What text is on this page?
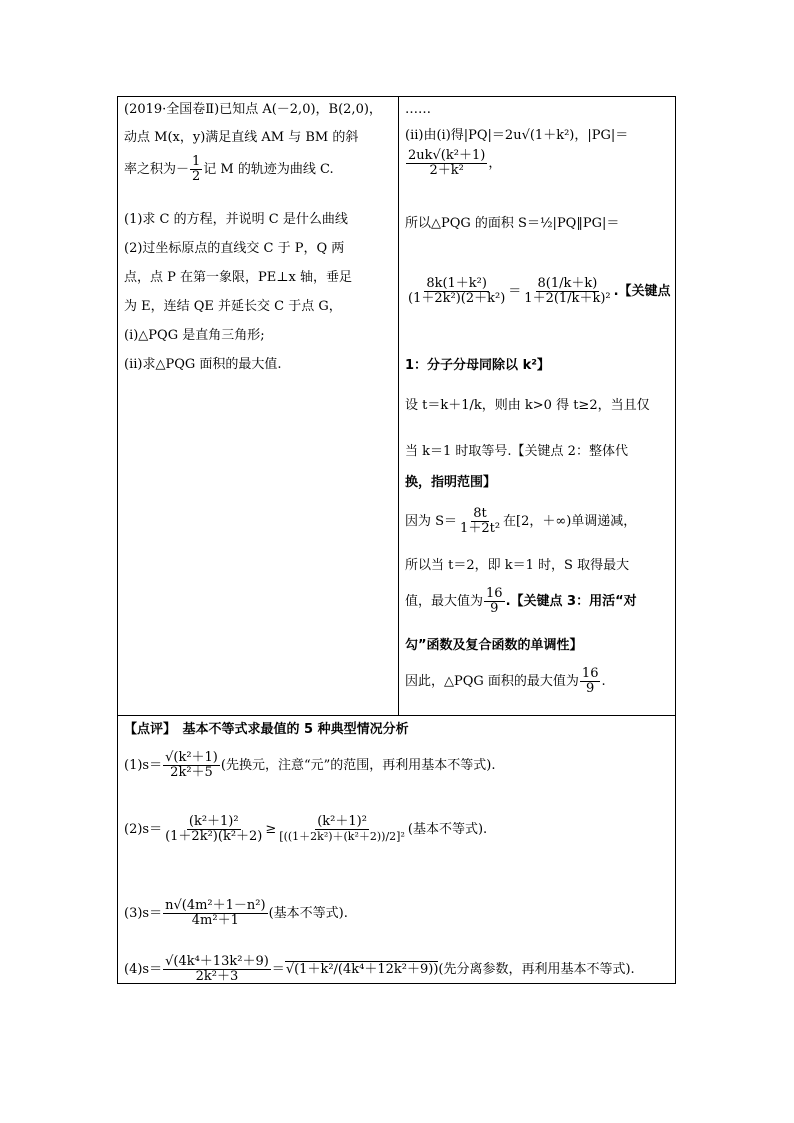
(2019·全国卷Ⅱ)已知点 A(－2,0)，B(2,0)，
动点 M(x，y)满足直线 AM 与 BM 的斜
率之积为－ $\frac{1}{2}$ 记 M 的轨迹为曲线 C.
(1)求 C 的方程，并说明 C 是什么曲线
(2)过坐标原点的直线交 C 于 P，Q 两
点，点 P 在第一象限，PE⊥x 轴，垂足
为 E，连结 QE 并延长交 C 于点 G，
(ⅰ)△PQG 是直角三角形;
(ⅱ)求△PQG 面积的最大值.
……
(ⅱ)由(ⅰ)得|PQ|＝2u√(1＋k²)，|PG|＝
$\frac{\text{2uk√(k²＋1)}}{\text{2＋k²}}$ ，
所以△PQG 的面积 S＝½|PQ‖PG|＝
$\frac{\text{8k(1＋k²)}}{\text{(1＋2k²)(2＋k²)}} = \frac{8(1/k+k)}{\text{1＋2(1/k＋k)²}}$ .【关键点
1：分子分母同除以 k²】
设 t＝k＋1/k，则由 k>0 得 t≥2，当且仅
当 k＝1 时取等号.【关键点 2：整体代
换，指明范围】
因为 $S= \frac{8t}{\text{1＋2t²}}$ 在[2，＋∞)单调递减，
所以当 t＝2，即 k＝1 时，S 取得最大
值，最大值为 $\frac{16}{9}$ .【关键点 3：用活“对
勾”函数及复合函数的单调性】
因此，△PQG 面积的最大值为 $\frac{16}{9}$ .
【点评】　基本不等式求最值的 5 种典型情况分析
$(1)s= \frac{\text{√(k²＋1)}}{\text{2k²＋5}}$ (先换元，注意“元”的范围，再利用基本不等式).
$(2)s= \frac{\text{(k²＋1)²}}{\text{(1＋2k²)(k²＋2)}} \ge \frac{\text{(k²＋1)²}}{\text{[((1＋2k²)＋(k²＋2))/2]²}}$ (基本不等式).
$(3)s= \frac{\text{n√(4m²＋1－n²)}}{\text{4m²＋1}}$ (基本不等式).
$(4)s= \frac{\text{√(4k⁴＋13k²＋9)}}{\text{2k²＋3}} =√(1+k^2/(4k^4+12k^2+9))$(先分离参数，再利用基本不等式).
